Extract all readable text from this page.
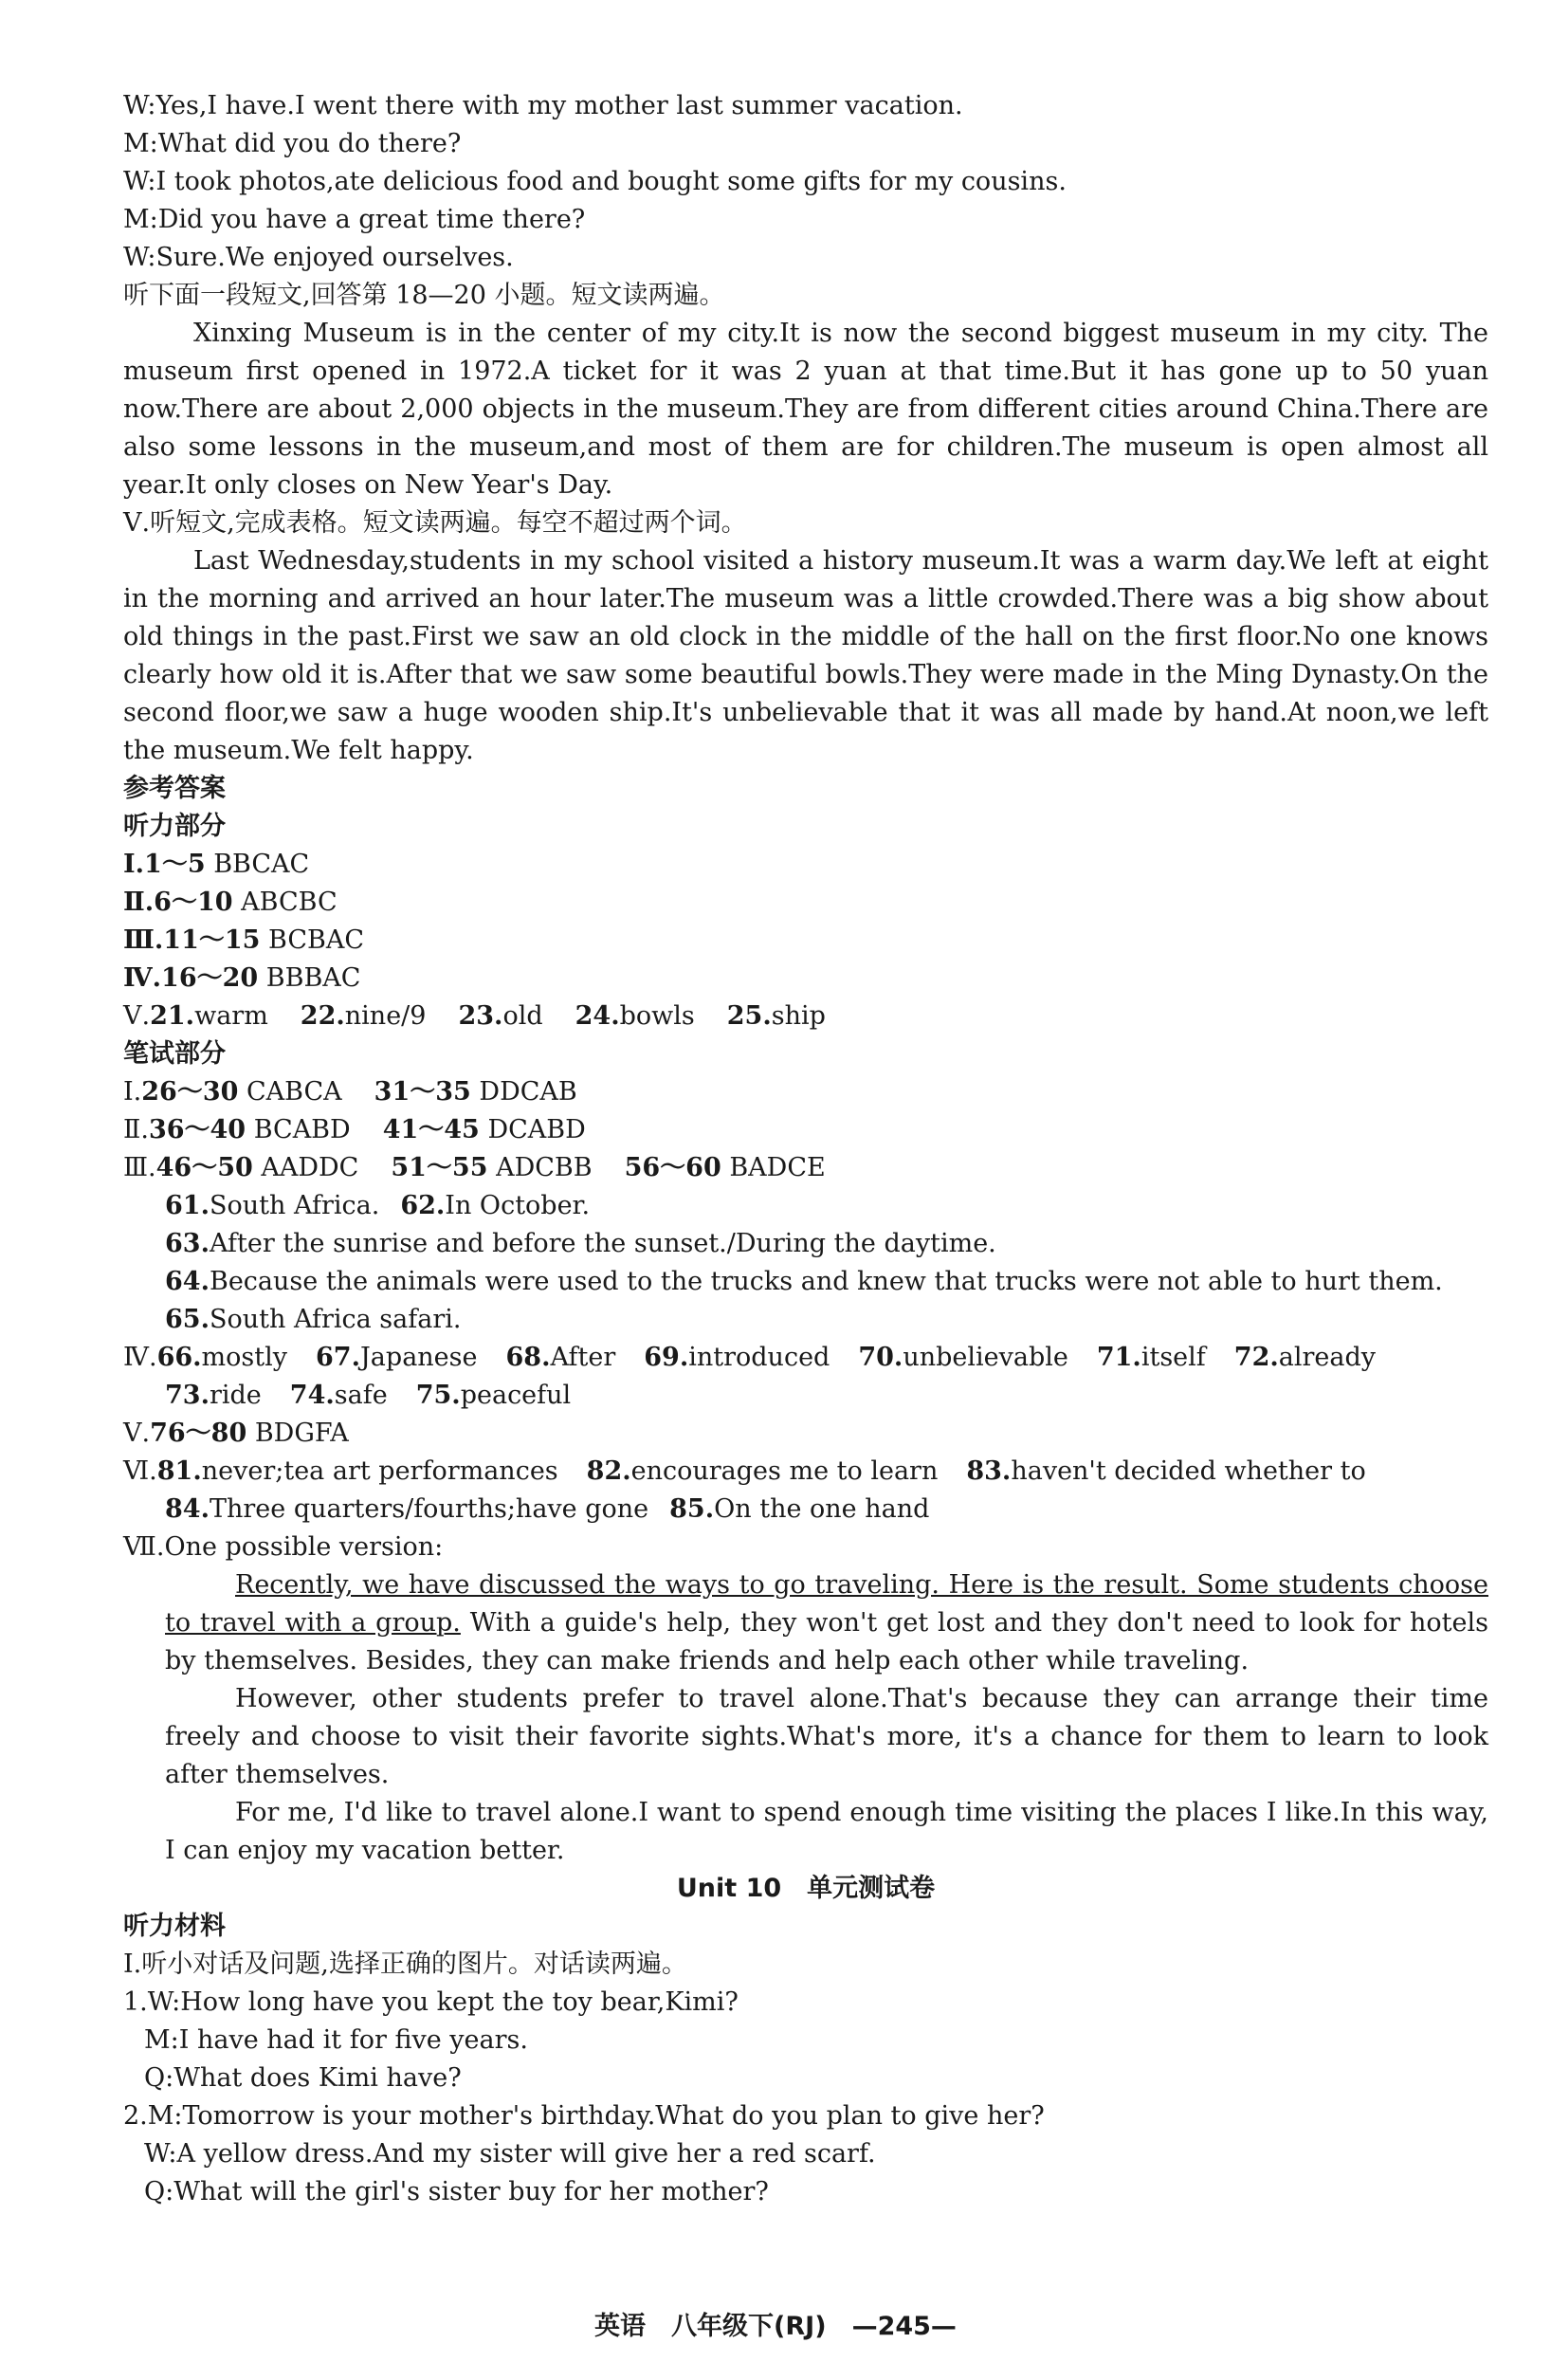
W:Yes,I have.I went there with my mother last summer vacation.
M:What did you do there?
W:I took photos,ate delicious food and bought some gifts for my cousins.
M:Did you have a great time there?
W:Sure.We enjoyed ourselves.
听下面一段短文,回答第 18—20 小题。短文读两遍。
Xinxing Museum is in the center of my city.It is now the second biggest museum in my city. The museum first opened in 1972.A ticket for it was 2 yuan at that time.But it has gone up to 50 yuan now.There are about 2,000 objects in the museum.They are from different cities around China.There are also some lessons in the museum,and most of them are for children.The museum is open almost all year.It only closes on New Year's Day.
Ⅴ.听短文,完成表格。短文读两遍。每空不超过两个词。
Last Wednesday,students in my school visited a history museum.It was a warm day.We left at eight in the morning and arrived an hour later.The museum was a little crowded.There was a big show about old things in the past.First we saw an old clock in the middle of the hall on the first floor.No one knows clearly how old it is.After that we saw some beautiful bowls.They were made in the Ming Dynasty.On the second floor,we saw a huge wooden ship.It's unbelievable that it was all made by hand.At noon,we left the museum.We felt happy.
参考答案
听力部分
Ⅰ.1～5 BBCAC
Ⅱ.6～10 ABCBC
Ⅲ.11～15 BCBAC
Ⅳ.16～20 BBBAC
Ⅴ.21.warm 22.nine/9 23.old 24.bowls 25.ship
笔试部分
Ⅰ.26～30 CABCA 31～35 DDCAB
Ⅱ.36～40 BCABD 41～45 DCABD
Ⅲ.46～50 AADDC 51～55 ADCBB 56～60 BADCE
61.South Africa. 62.In October.
63.After the sunrise and before the sunset./During the daytime.
64.Because the animals were used to the trucks and knew that trucks were not able to hurt them.
65.South Africa safari.
Ⅳ.66.mostly 67.Japanese 68.After 69.introduced 70.unbelievable 71.itself 72.already
73.ride 74.safe 75.peaceful
Ⅴ.76～80 BDGFA
Ⅵ.81.never;tea art performances 82.encourages me to learn 83.haven't decided whether to
84.Three quarters/fourths;have gone 85.On the one hand
Ⅶ.One possible version:
Recently, we have discussed the ways to go traveling. Here is the result. Some students choose to travel with a group. With a guide's help, they won't get lost and they don't need to look for hotels by themselves. Besides, they can make friends and help each other while traveling.
However, other students prefer to travel alone.That's because they can arrange their time freely and choose to visit their favorite sights.What's more, it's a chance for them to learn to look after themselves.
For me, I'd like to travel alone.I want to spend enough time visiting the places I like.In this way, I can enjoy my vacation better.
Unit 10　单元测试卷
听力材料
Ⅰ.听小对话及问题,选择正确的图片。对话读两遍。
1.W:How long have you kept the toy bear,Kimi?
M:I have had it for five years.
Q:What does Kimi have?
2.M:Tomorrow is your mother's birthday.What do you plan to give her?
W:A yellow dress.And my sister will give her a red scarf.
Q:What will the girl's sister buy for her mother?
英语　八年级下(RJ)　—245—
